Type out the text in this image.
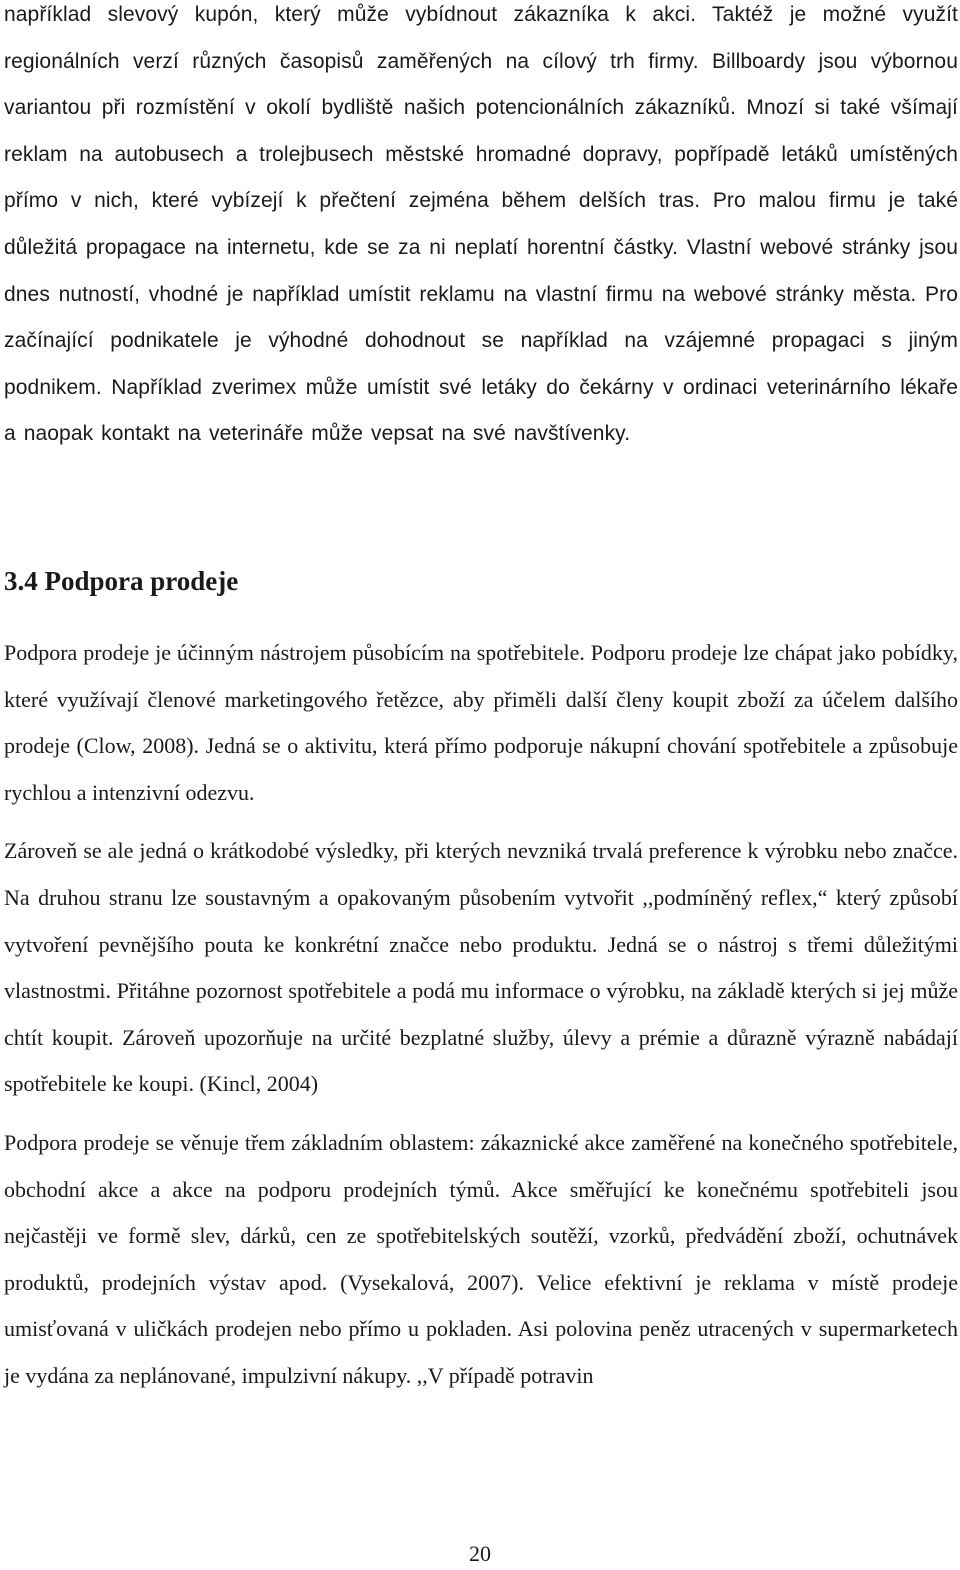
například slevový kupón, který může vybídnout zákazníka k akci. Taktéž je možné využít regionálních verzí různých časopisů zaměřených na cílový trh firmy. Billboardy jsou výbornou variantou při rozmístění v okolí bydliště našich potencionálních zákazníků. Mnozí si také všímají reklam na autobusech a trolejbusech městské hromadné dopravy, popřípadě letáků umístěných přímo v nich, které vybízejí k přečtení zejména během delších tras. Pro malou firmu je také důležitá propagace na internetu, kde se za ni neplatí horentní částky. Vlastní webové stránky jsou dnes nutností, vhodné je například umístit reklamu na vlastní firmu na webové stránky města. Pro začínající podnikatele je výhodné dohodnout se například na vzájemné propagaci s jiným podnikem. Například zverimex může umístit své letáky do čekárny v ordinaci veterinárního lékaře a naopak kontakt na veterináře může vepsat na své navštívenky.

3.4 Podpora prodeje

Podpora prodeje je účinným nástrojem působícím na spotřebitele. Podporu prodeje lze chápat jako pobídky, které využívají členové marketingového řetězce, aby přiměli další členy koupit zboží za účelem dalšího prodeje (Clow, 2008). Jedná se o aktivitu, která přímo podporuje nákupní chování spotřebitele a způsobuje rychlou a intenzivní odezvu.

Zároveň se ale jedná o krátkodobé výsledky, při kterých nevzniká trvalá preference k výrobku nebo značce. Na druhou stranu lze soustavným a opakovaným působením vytvořit ,,podmíněný reflex,“ který způsobí vytvoření pevnějšího pouta ke konkrétní značce nebo produktu. Jedná se o nástroj s třemi důležitými vlastnostmi. Přitáhne pozornost spotřebitele a podá mu informace o výrobku, na základě kterých si jej může chtít koupit. Zároveň upozorňuje na určité bezplatné služby, úlevy a prémie a důrazně výrazně nabádají spotřebitele ke koupi. (Kincl, 2004)

Podpora prodeje se věnuje třem základním oblastem: zákaznické akce zaměřené na konečného spotřebitele, obchodní akce a akce na podporu prodejních týmů. Akce směřující ke konečnému spotřebiteli jsou nejčastěji ve formě slev, dárků, cen ze spotřebitelských soutěží, vzorků, předvádění zboží, ochutnávek produktů, prodejních výstav apod. (Vysekalová, 2007). Velice efektivní je reklama v místě prodeje umisťovaná v uličkách prodejen nebo přímo u pokladen. Asi polovina peněz utracených v supermarketech je vydána za neplánované, impulzivní nákupy. ,,V případě potravin

20
